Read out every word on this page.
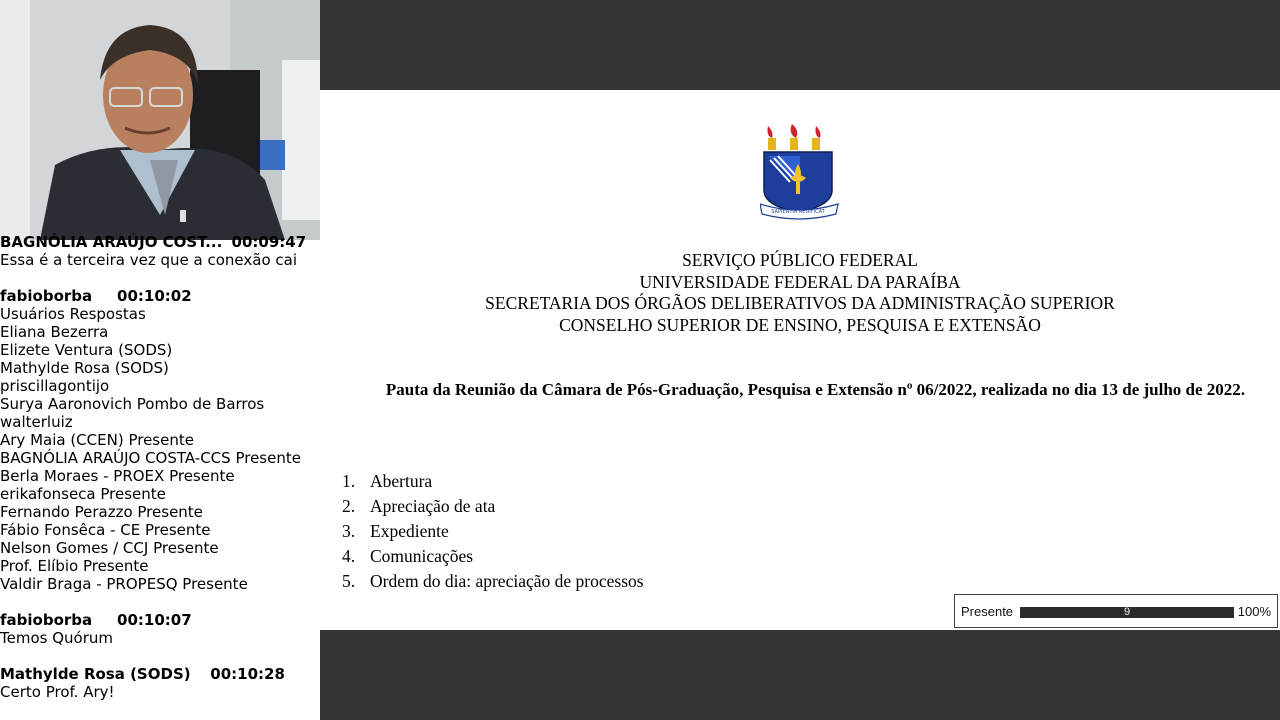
BAGNÓLIA ARAÚJO COST... 00:09:47
Essa é a terceira vez que a conexão cai
fabioborba 00:10:02
Usuários Respostas
Eliana Bezerra
Elizete Ventura (SODS)
Mathylde Rosa (SODS)
priscillagontijo
Surya Aaronovich Pombo de Barros
walterluiz
Ary Maia (CCEN) Presente
BAGNÓLIA ARAÚJO COSTA-CCS Presente
Berla Moraes - PROEX Presente
erikafonseca Presente
Fernando Perazzo Presente
Fábio Fonsêca - CE Presente
Nelson Gomes / CCJ Presente
Prof. Elíbio Presente
Valdir Braga - PROPESQ Presente
fabioborba 00:10:07
Temos Quórum
Mathylde Rosa (SODS) 00:10:28
Certo Prof. Ary!
SAPIENTIA AEDIFICAT
SERVIÇO PÚBLICO FEDERAL
UNIVERSIDADE FEDERAL DA PARAÍBA
SECRETARIA DOS ÓRGÃOS DELIBERATIVOS DA ADMINISTRAÇÃO SUPERIOR
CONSELHO SUPERIOR DE ENSINO, PESQUISA E EXTENSÃO
Pauta da Reunião da Câmara de Pós-Graduação, Pesquisa e Extensão nº 06/2022, realizada no dia 13 de julho de 2022.
1. Abertura
2. Apreciação de ata
3. Expediente
4. Comunicações
5. Ordem do dia: apreciação de processos
Presente	9	100%
